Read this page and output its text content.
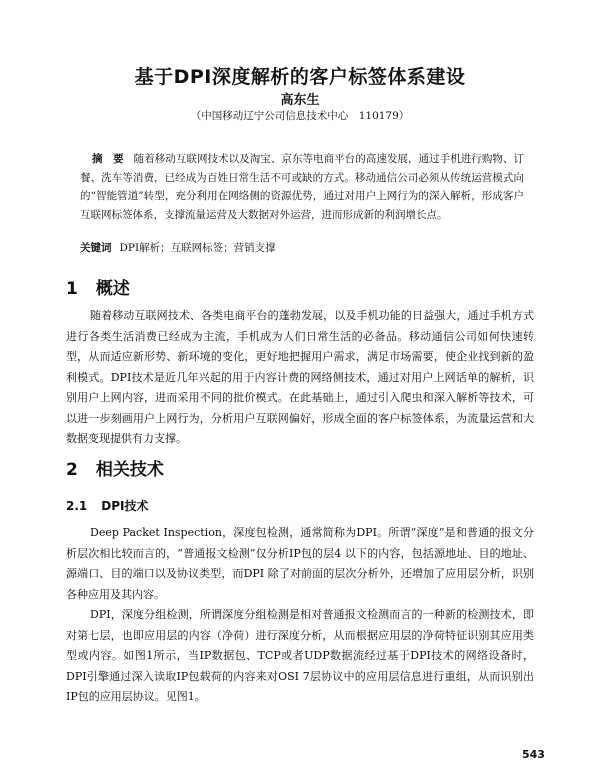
基于DPI深度解析的客户标签体系建设
高东生
（中国移动辽宁公司信息技术中心　110179）

摘　要 随着移动互联网技术以及淘宝、京东等电商平台的高速发展，通过手机进行购物、订餐、洗车等消费，已经成为百姓日常生活不可或缺的方式。移动通信公司必须从传统运营模式向的“智能管道”转型，充分利用在网络侧的资源优势，通过对用户上网行为的深入解析，形成客户互联网标签体系，支撑流量运营及大数据对外运营，进而形成新的利润增长点。

关键词 DPI解析；互联网标签；营销支撑
1 概述

随着移动互联网技术、各类电商平台的蓬勃发展，以及手机功能的日益强大，通过手机方式进行各类生活消费已经成为主流，手机成为人们日常生活的必备品。移动通信公司如何快速转型，从而适应新形势、新环境的变化，更好地把握用户需求，满足市场需要，使企业找到新的盈利模式。DPI技术是近几年兴起的用于内容计费的网络侧技术，通过对用户上网话单的解析，识别用户上网内容，进而采用不同的批价模式。在此基础上，通过引入爬虫和深入解析等技术，可以进一步刻画用户上网行为，分析用户互联网偏好，形成全面的客户标签体系，为流量运营和大数据变现提供有力支撑。

2 相关技术
2.1 DPI技术

Deep Packet Inspection，深度包检测，通常简称为DPI。所谓“深度”是和普通的报文分析层次相比较而言的，“普通报文检测”仅分析IP包的层4 以下的内容，包括源地址、目的地址、源端口、目的端口以及协议类型，而DPI 除了对前面的层次分析外，还增加了应用层分析，识别各种应用及其内容。

DPI，深度分组检测，所谓深度分组检测是相对普通报文检测而言的一种新的检测技术，即对第七层，也即应用层的内容（净荷）进行深度分析，从而根据应用层的净荷特征识别其应用类型或内容。如图1所示，当IP数据包、TCP或者UDP数据流经过基于DPI技术的网络设备时，DPI引擎通过深入读取IP包载荷的内容来对OSI 7层协议中的应用层信息进行重组，从而识别出IP包的应用层协议。见图1。

543
